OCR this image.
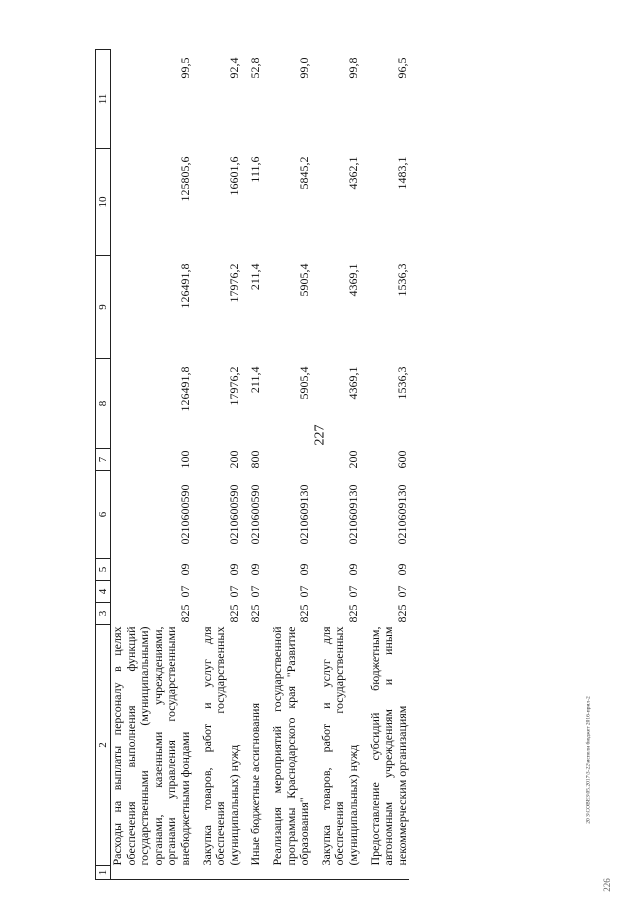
227
1	2	3	4	5	6	7	8	9	10	11
	Расходы на выплаты персоналу в целях обеспечения выполнения функций государственными (муниципальными) органами, казенными учреждениями, органами управления государственными внебюджетными фондами	825	07	09	0210600590	100	126491,8	126491,8	125805,6	99,5

	Закупка товаров, работ и услуг для обеспечения государственных (муниципальных) нужд	825	07	09	0210600590	200	17976,2	17976,2	16601,6	92,4

	Иные бюджетные ассигнования	825	07	09	0210600590	800	211,4	211,4	111,6	52,8

	Реализация мероприятий государственной программы Краснодарского края "Развитие образования"	825	07	09	0210609130		5905,4	5905,4	5845,2	99,0

	Закупка товаров, работ и услуг для обеспечения государственных (муниципальных) нужд	825	07	09	0210609130	200	4369,1	4369,1	4362,1	99,8

	Предоставление субсидий бюджетным, автономным учреждениям и иным некоммерческим организациям	825	07	09	0210609130	600	1536,3	1536,3	1483,1	96,5
20 З\СОВЕЗ\05.2017\3-22\исполн бюджет 2016-прил-2
226
